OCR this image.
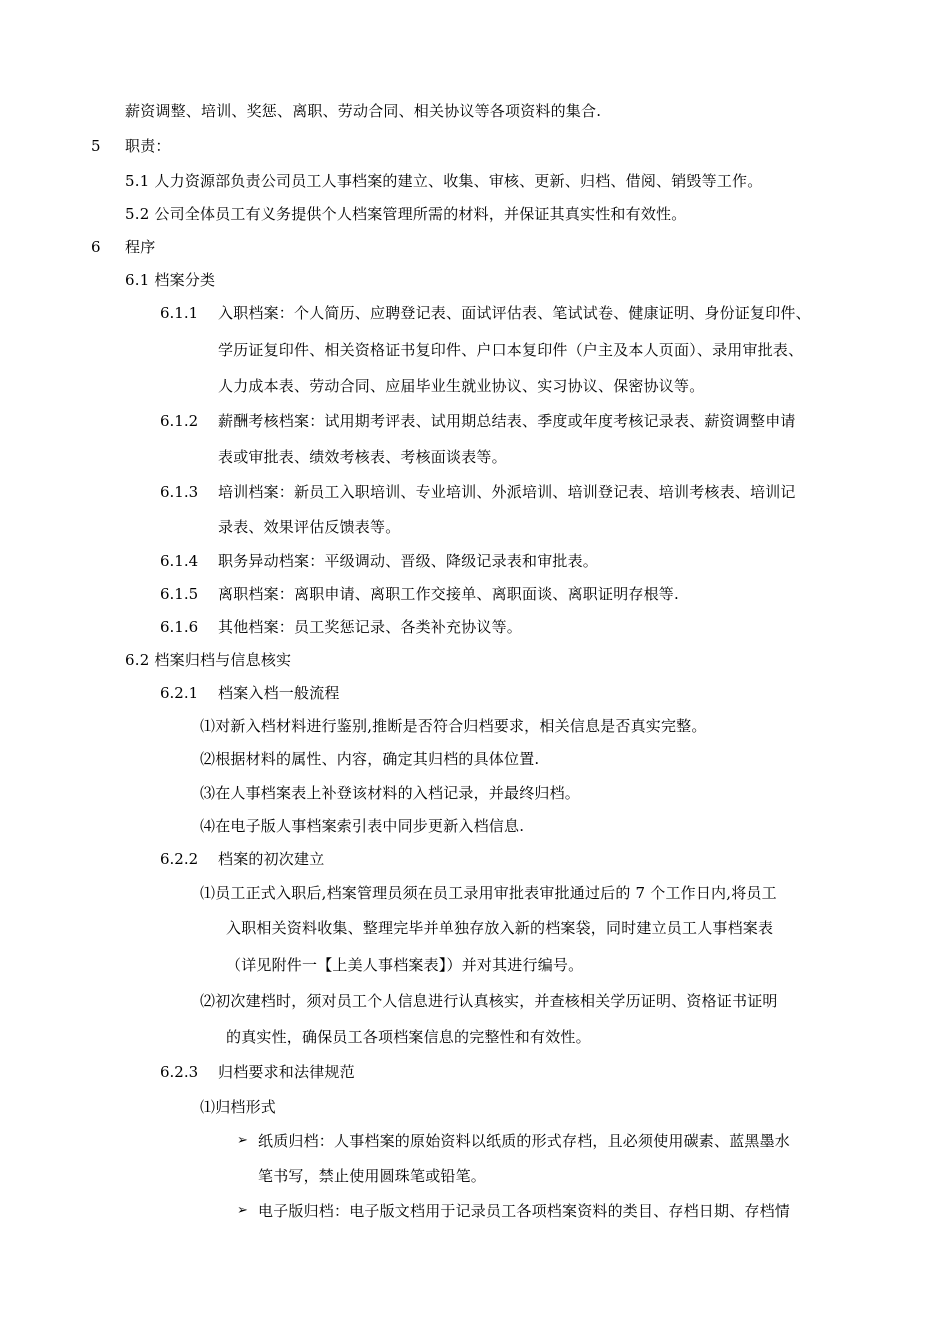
薪资调整、培训、奖惩、离职、劳动合同、相关协议等各项资料的集合.
5 职责：
5.1 人力资源部负责公司员工人事档案的建立、收集、审核、更新、归档、借阅、销毁等工作。
5.2 公司全体员工有义务提供个人档案管理所需的材料，并保证其真实性和有效性。
6 程序
6.1 档案分类
6.1.1 入职档案：个人简历、应聘登记表、面试评估表、笔试试卷、健康证明、身份证复印件、
学历证复印件、相关资格证书复印件、户口本复印件（户主及本人页面）、录用审批表、
人力成本表、劳动合同、应届毕业生就业协议、实习协议、保密协议等。
6.1.2 薪酬考核档案：试用期考评表、试用期总结表、季度或年度考核记录表、薪资调整申请
表或审批表、绩效考核表、考核面谈表等。
6.1.3 培训档案：新员工入职培训、专业培训、外派培训、培训登记表、培训考核表、培训记
录表、效果评估反馈表等。
6.1.4 职务异动档案：平级调动、晋级、降级记录表和审批表。
6.1.5 离职档案：离职申请、离职工作交接单、离职面谈、离职证明存根等.
6.1.6 其他档案：员工奖惩记录、各类补充协议等。
6.2 档案归档与信息核实
6.2.1 档案入档一般流程
⑴对新入档材料进行鉴别,推断是否符合归档要求，相关信息是否真实完整。
⑵根据材料的属性、内容，确定其归档的具体位置.
⑶在人事档案表上补登该材料的入档记录，并最终归档。
⑷在电子版人事档案索引表中同步更新入档信息.
6.2.2 档案的初次建立
⑴员工正式入职后,档案管理员须在员工录用审批表审批通过后的 7 个工作日内,将员工
入职相关资料收集、整理完毕并单独存放入新的档案袋，同时建立员工人事档案表
（详见附件一【上美人事档案表】）并对其进行编号。
⑵初次建档时，须对员工个人信息进行认真核实，并查核相关学历证明、资格证书证明
的真实性，确保员工各项档案信息的完整性和有效性。
6.2.3 归档要求和法律规范
⑴归档形式
➢ 纸质归档：人事档案的原始资料以纸质的形式存档，且必须使用碳素、蓝黑墨水
笔书写，禁止使用圆珠笔或铅笔。
➢ 电子版归档：电子版文档用于记录员工各项档案资料的类目、存档日期、存档情
